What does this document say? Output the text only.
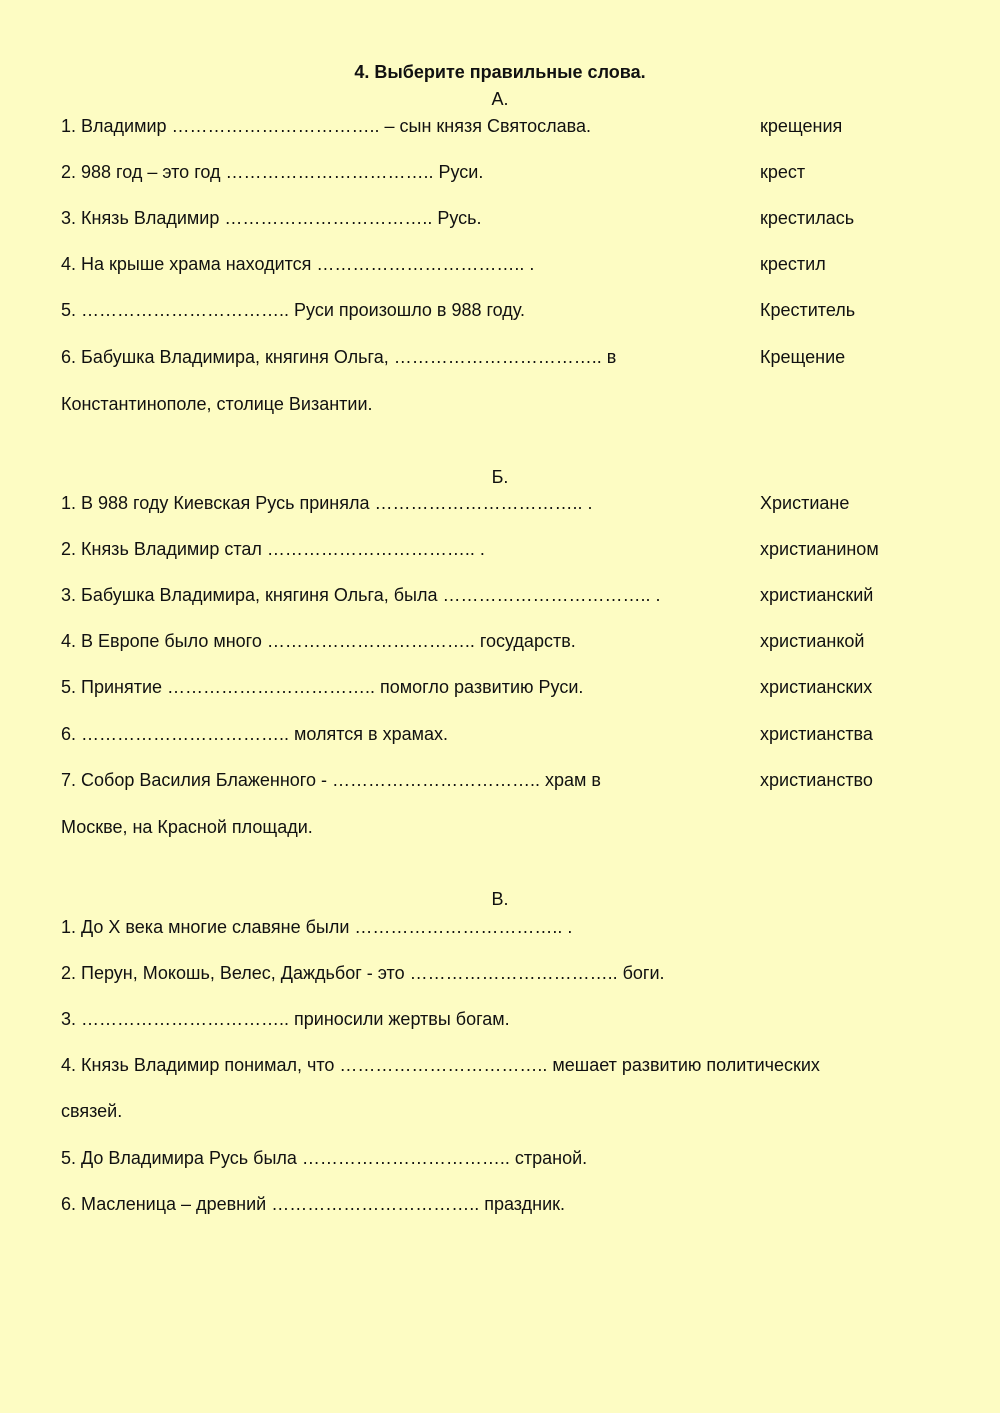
4. Выберите правильные слова.
А.
1. Владимир …………………………….. – сын князя Святослава.
2. 988 год – это год …………………………….. Руси.
3. Князь Владимир …………………………….. Русь.
4. На крыше храма находится …………………………….. .
5. …………………………….. Руси произошло в 988 году.
6. Бабушка Владимира, княгиня Ольга, …………………………….. в
Константинополе, столице Византии.
крещения
крест
крестилась
крестил
Креститель
Крещение
Б.
1. В 988 году Киевская Русь приняла …………………………….. .
2. Князь Владимир стал …………………………….. .
3. Бабушка Владимира, княгиня Ольга, была …………………………….. .
4. В Европе было много …………………………….. государств.
5. Принятие …………………………….. помогло развитию Руси.
6. …………………………….. молятся в храмах.
7. Собор Василия Блаженного - …………………………….. храм в
Москве, на Красной площади.
Христиане
христианином
христианский
христианкой
христианских
христианства
христианство
В.
1. До X века многие славяне были …………………………….. .
2. Перун, Мокошь, Велес, Даждьбог - это …………………………….. боги.
3. …………………………….. приносили жертвы богам.
4. Князь Владимир понимал, что …………………………….. мешает развитию политических
связей.
5. До Владимира Русь была …………………………….. страной.
6. Масленица – древний …………………………….. праздник.
